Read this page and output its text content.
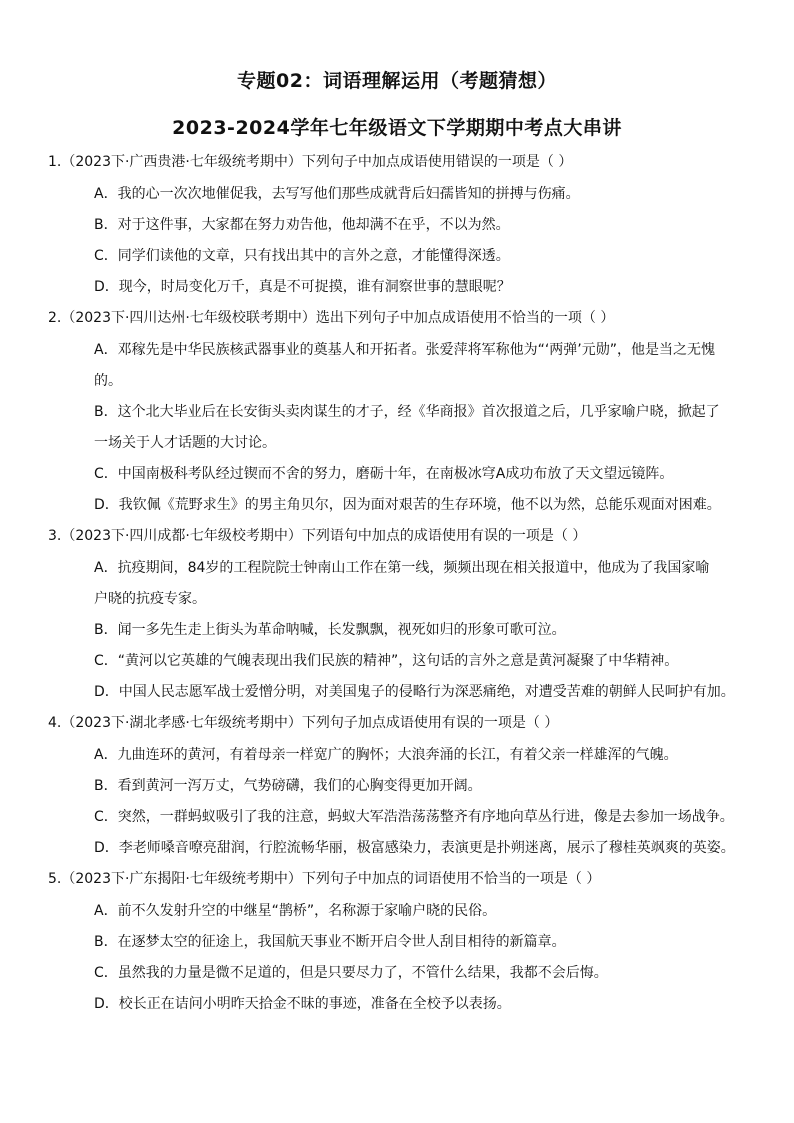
专题02：词语理解运用（考题猜想）
2023-2024学年七年级语文下学期期中考点大串讲
1.（2023下·广西贵港·七年级统考期中）下列句子中加点成语使用错误的一项是（ ）
A．我的心一次次地催促我，去写写他们那些成就背后妇孺皆知的拼搏与伤痛。
B．对于这件事，大家都在努力劝告他，他却满不在乎，不以为然。
C．同学们读他的文章，只有找出其中的言外之意，才能懂得深透。
D．现今，时局变化万千，真是不可捉摸，谁有洞察世事的慧眼呢？
2.（2023下·四川达州·七年级校联考期中）选出下列句子中加点成语使用不恰当的一项（ ）
A．邓稼先是中华民族核武器事业的奠基人和开拓者。张爱萍将军称他为“‘两弹’元勋”，他是当之无愧
的。
B．这个北大毕业后在长安街头卖肉谋生的才子，经《华商报》首次报道之后，几乎家喻户晓，掀起了
一场关于人才话题的大讨论。
C．中国南极科考队经过锲而不舍的努力，磨砺十年，在南极冰穹A成功布放了天文望远镜阵。
D．我钦佩《荒野求生》的男主角贝尔，因为面对艰苦的生存环境，他不以为然，总能乐观面对困难。
3.（2023下·四川成都·七年级校考期中）下列语句中加点的成语使用有误的一项是（ ）
A．抗疫期间，84岁的工程院院士钟南山工作在第一线，频频出现在相关报道中，他成为了我国家喻
户晓的抗疫专家。
B．闻一多先生走上街头为革命呐喊，长发飘飘，视死如归的形象可歌可泣。
C．“黄河以它英雄的气魄表现出我们民族的精神”，这句话的言外之意是黄河凝聚了中华精神。
D．中国人民志愿军战士爱憎分明，对美国鬼子的侵略行为深恶痛绝，对遭受苦难的朝鲜人民呵护有加。
4.（2023下·湖北孝感·七年级统考期中）下列句子加点成语使用有误的一项是（ ）
A．九曲连环的黄河，有着母亲一样宽广的胸怀；大浪奔涌的长江，有着父亲一样雄浑的气魄。
B．看到黄河一泻万丈，气势磅礴，我们的心胸变得更加开阔。
C．突然，一群蚂蚁吸引了我的注意，蚂蚁大军浩浩荡荡整齐有序地向草丛行进，像是去参加一场战争。
D．李老师嗓音嘹亮甜润，行腔流畅华丽，极富感染力，表演更是扑朔迷离，展示了穆桂英飒爽的英姿。
5.（2023下·广东揭阳·七年级统考期中）下列句子中加点的词语使用不恰当的一项是（ ）
A．前不久发射升空的中继星“鹊桥”，名称源于家喻户晓的民俗。
B．在逐梦太空的征途上，我国航天事业不断开启令世人刮目相待的新篇章。
C．虽然我的力量是微不足道的，但是只要尽力了，不管什么结果，我都不会后悔。
D．校长正在诘问小明昨天拾金不昧的事迹，准备在全校予以表扬。
